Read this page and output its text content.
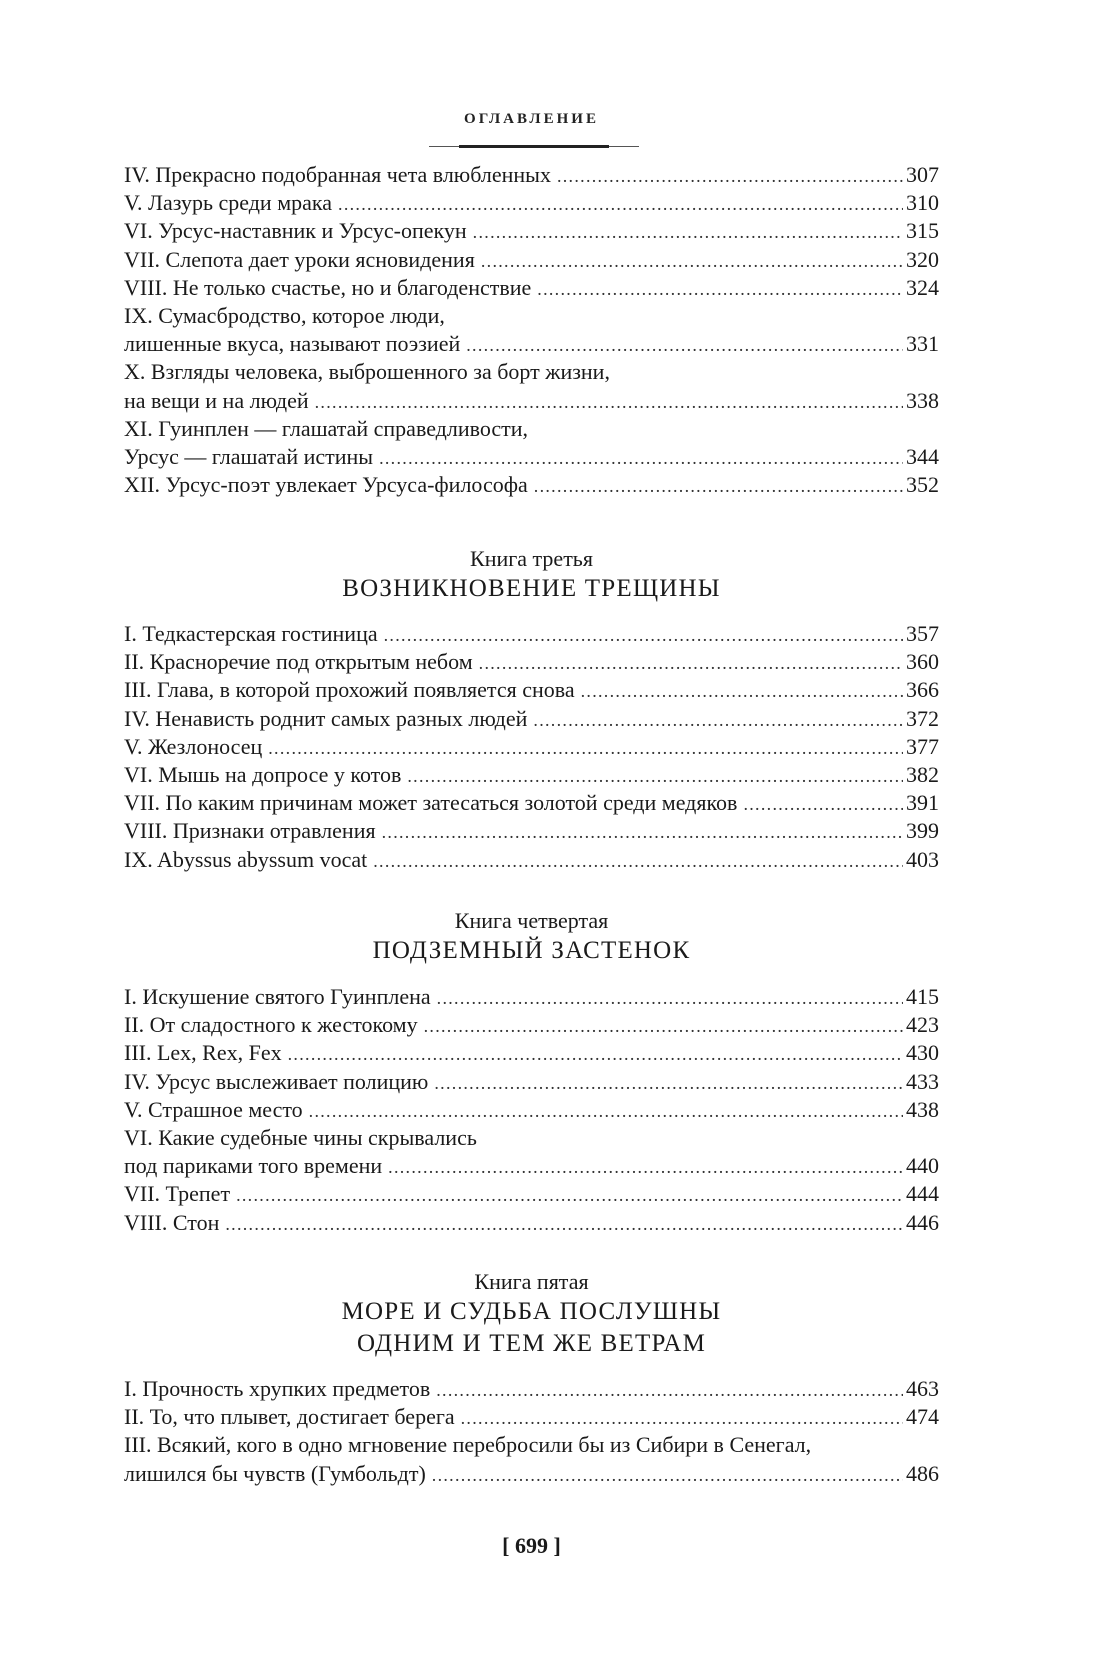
ОГЛАВЛЕНИЕ
IV. Прекрасно подобранная чета влюбленных . . .	307
V. Лазурь среди мрака . . .	310
VI. Урсус-наставник и Урсус-опекун . . .	315
VII. Слепота дает уроки ясновидения . . .	320
VIII. Не только счастье, но и благоденствие . . .	324
IX. Сумасбродство, которое люди,
лишенные вкуса, называют поэзией . . .	331
X. Взгляды человека, выброшенного за борт жизни,
на вещи и на людей . . .	338
XI. Гуинплен — глашатай справедливости,
Урсус — глашатай истины . . .	344
XII. Урсус-поэт увлекает Урсуса-философа . . .	352
Книга третья
ВОЗНИКНОВЕНИЕ ТРЕЩИНЫ
I. Тедкастерская гостиница . . .	357
II. Красноречие под открытым небом . . .	360
III. Глава, в которой прохожий появляется снова . . .	366
IV. Ненависть роднит самых разных людей . . .	372
V. Жезлоносец . . .	377
VI. Мышь на допросе у котов . . .	382
VII. По каким причинам может затесаться золотой среди медяков . . .	391
VIII. Признаки отравления . . .	399
IX. Abyssus abyssum vocat . . .	403
Книга четвертая
ПОДЗЕМНЫЙ ЗАСТЕНОК
I. Искушение святого Гуинплена . . .	415
II. От сладостного к жестокому . . .	423
III. Lex, Rex, Fex . . .	430
IV. Урсус выслеживает полицию . . .	433
V. Страшное место . . .	438
VI. Какие судебные чины скрывались
под париками того времени . . .	440
VII. Трепет . . .	444
VIII. Стон . . .	446
Книга пятая
МОРЕ И СУДЬБА ПОСЛУШНЫ
ОДНИМ И ТЕМ ЖЕ ВЕТРАМ
I. Прочность хрупких предметов . . .	463
II. То, что плывет, достигает берега . . .	474
III. Всякий, кого в одно мгновение перебросили бы из Сибири в Сенегал,
лишился бы чувств (Гумбольдт) . . .	486
[ 699 ]
